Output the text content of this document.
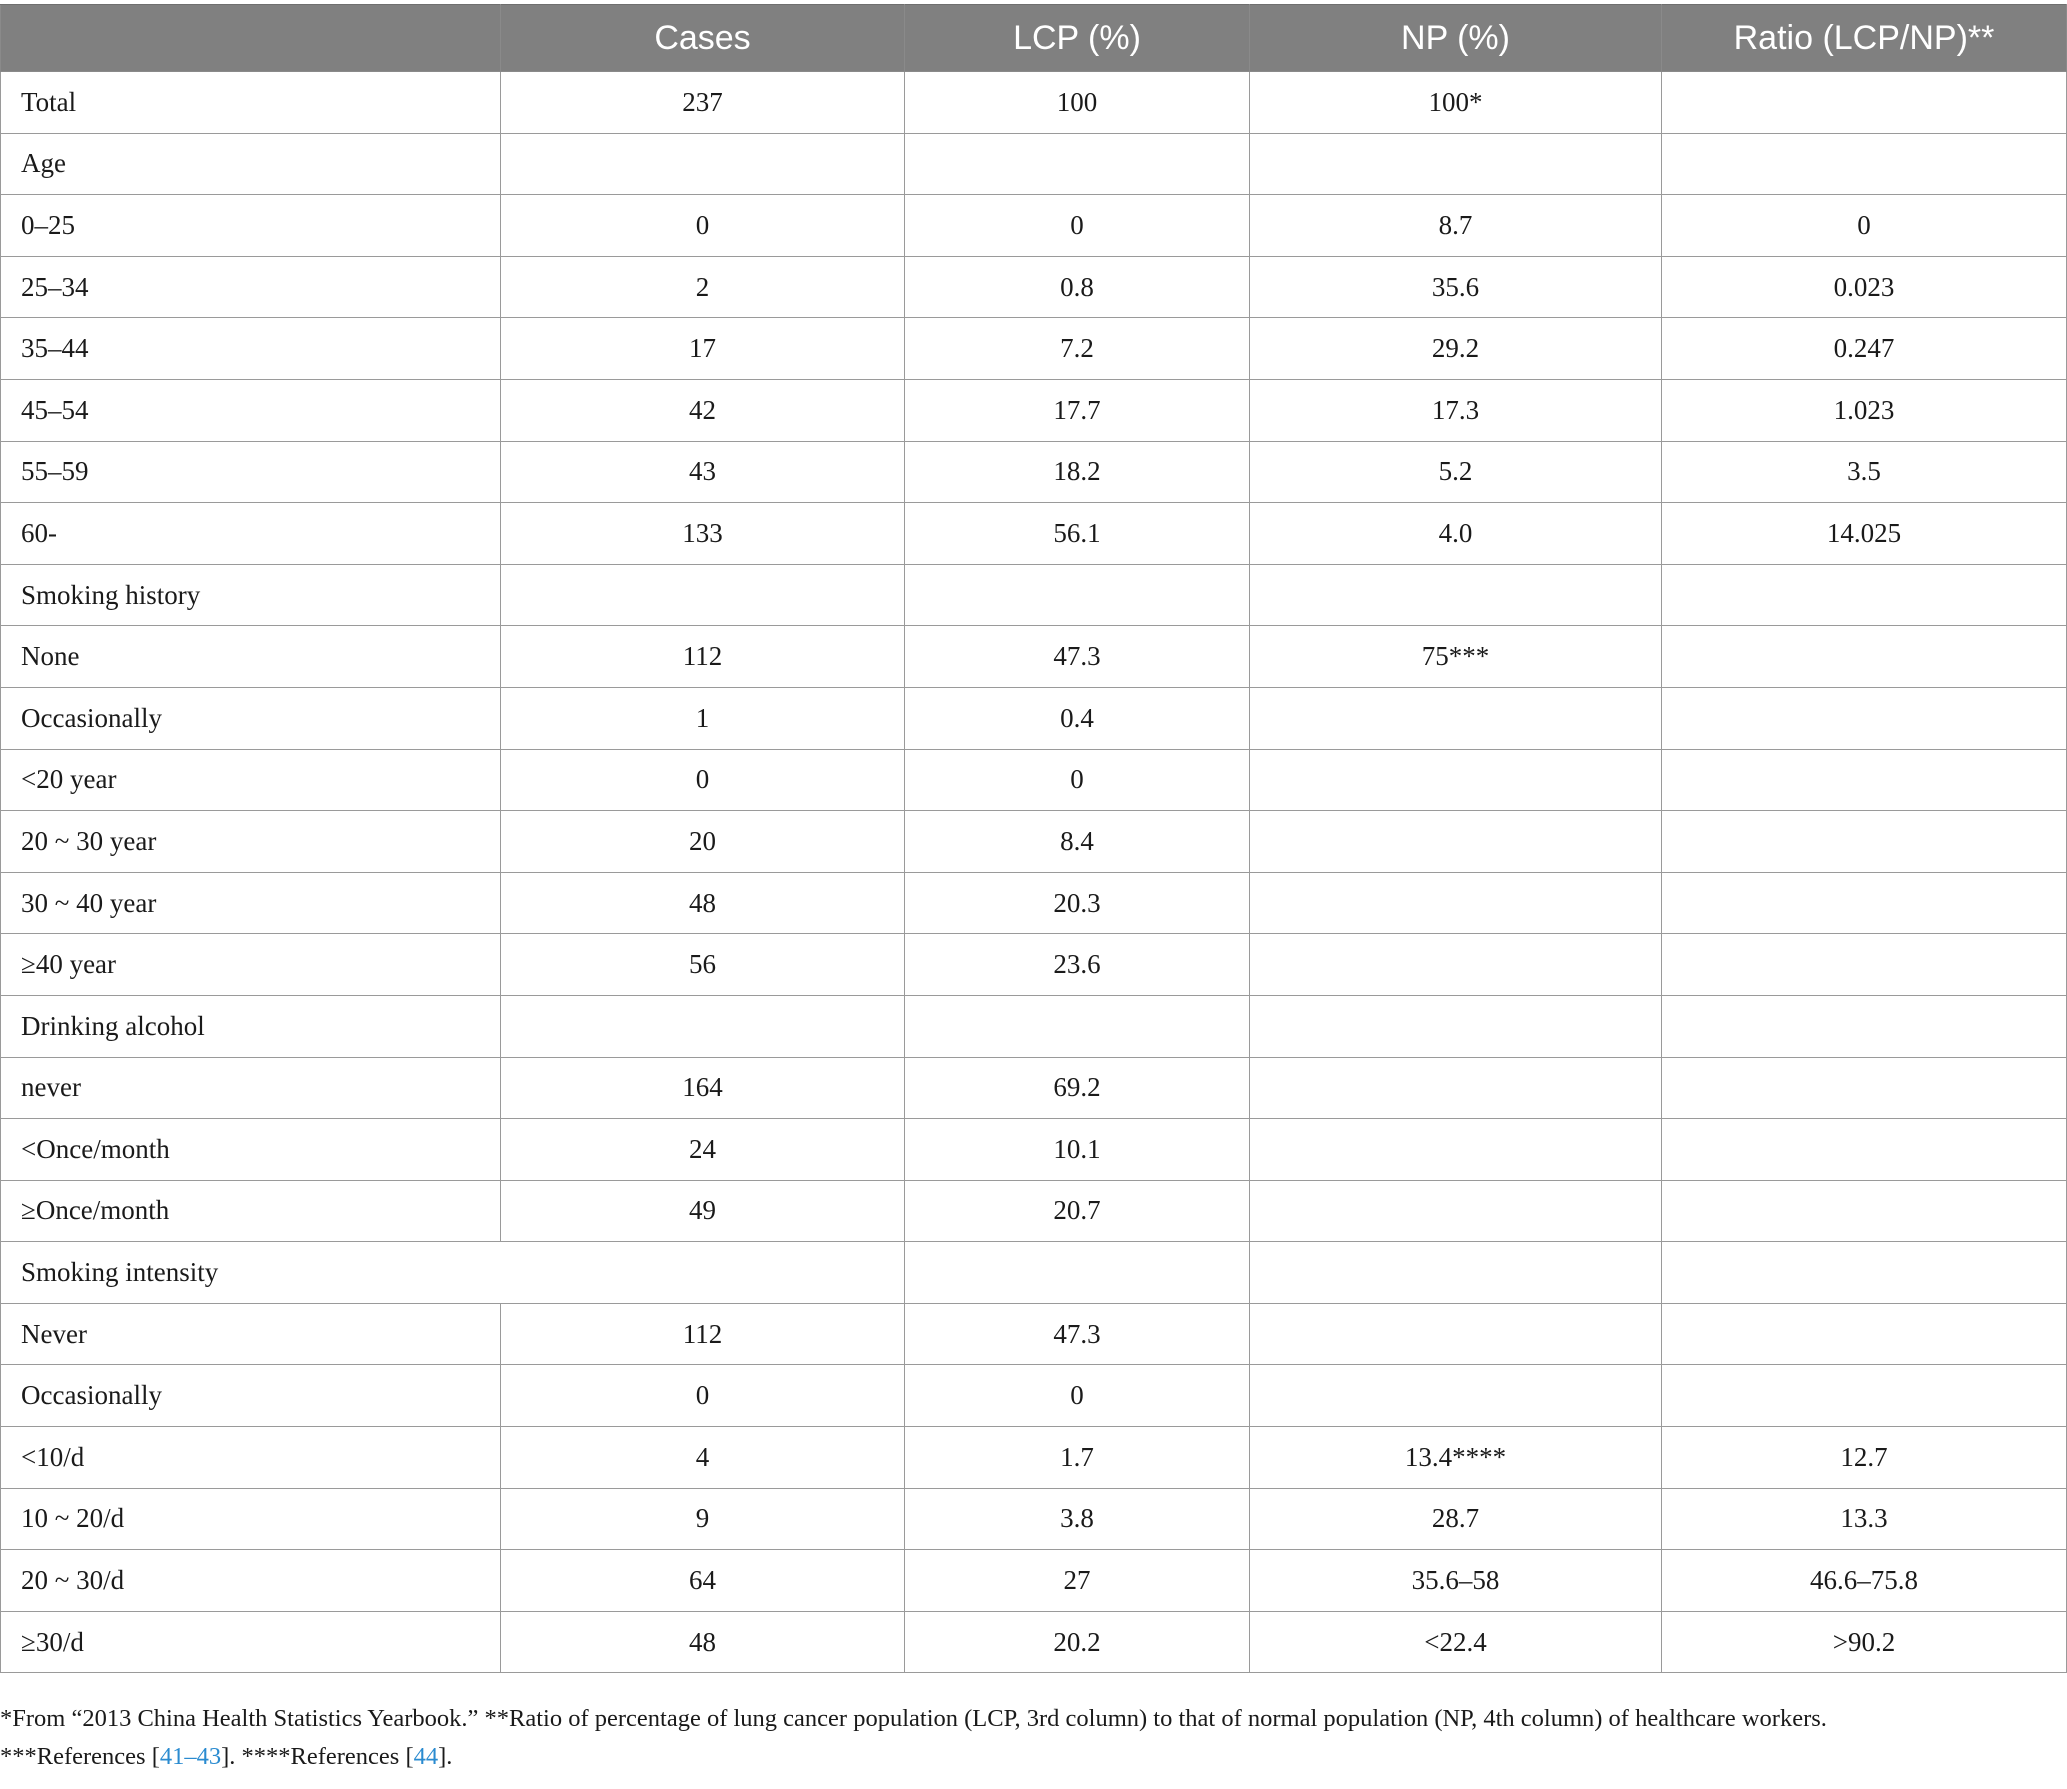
	Cases	LCP (%)	NP (%)	Ratio (LCP/NP)**
Total	237	100	100*	
Age				
0–25	0	0	8.7	0
25–34	2	0.8	35.6	0.023
35–44	17	7.2	29.2	0.247
45–54	42	17.7	17.3	1.023
55–59	43	18.2	5.2	3.5
60-	133	56.1	4.0	14.025
Smoking history				
None	112	47.3	75***	
Occasionally	1	0.4		
<20 year	0	0		
20 ~ 30 year	20	8.4		
30 ~ 40 year	48	20.3		
≥40 year	56	23.6		
Drinking alcohol				
never	164	69.2		
<Once/month	24	10.1		
≥Once/month	49	20.7		
Smoking intensity				
Never	112	47.3		
Occasionally	0	0		
<10/d	4	1.7	13.4****	12.7
10 ~ 20/d	9	3.8	28.7	13.3
20 ~ 30/d	64	27	35.6–58	46.6–75.8
≥30/d	48	20.2	<22.4	>90.2
*From “2013 China Health Statistics Yearbook.” **Ratio of percentage of lung cancer population (LCP, 3rd column) to that of normal population (NP, 4th column) of healthcare workers.
***References [41–43]. ****References [44].
